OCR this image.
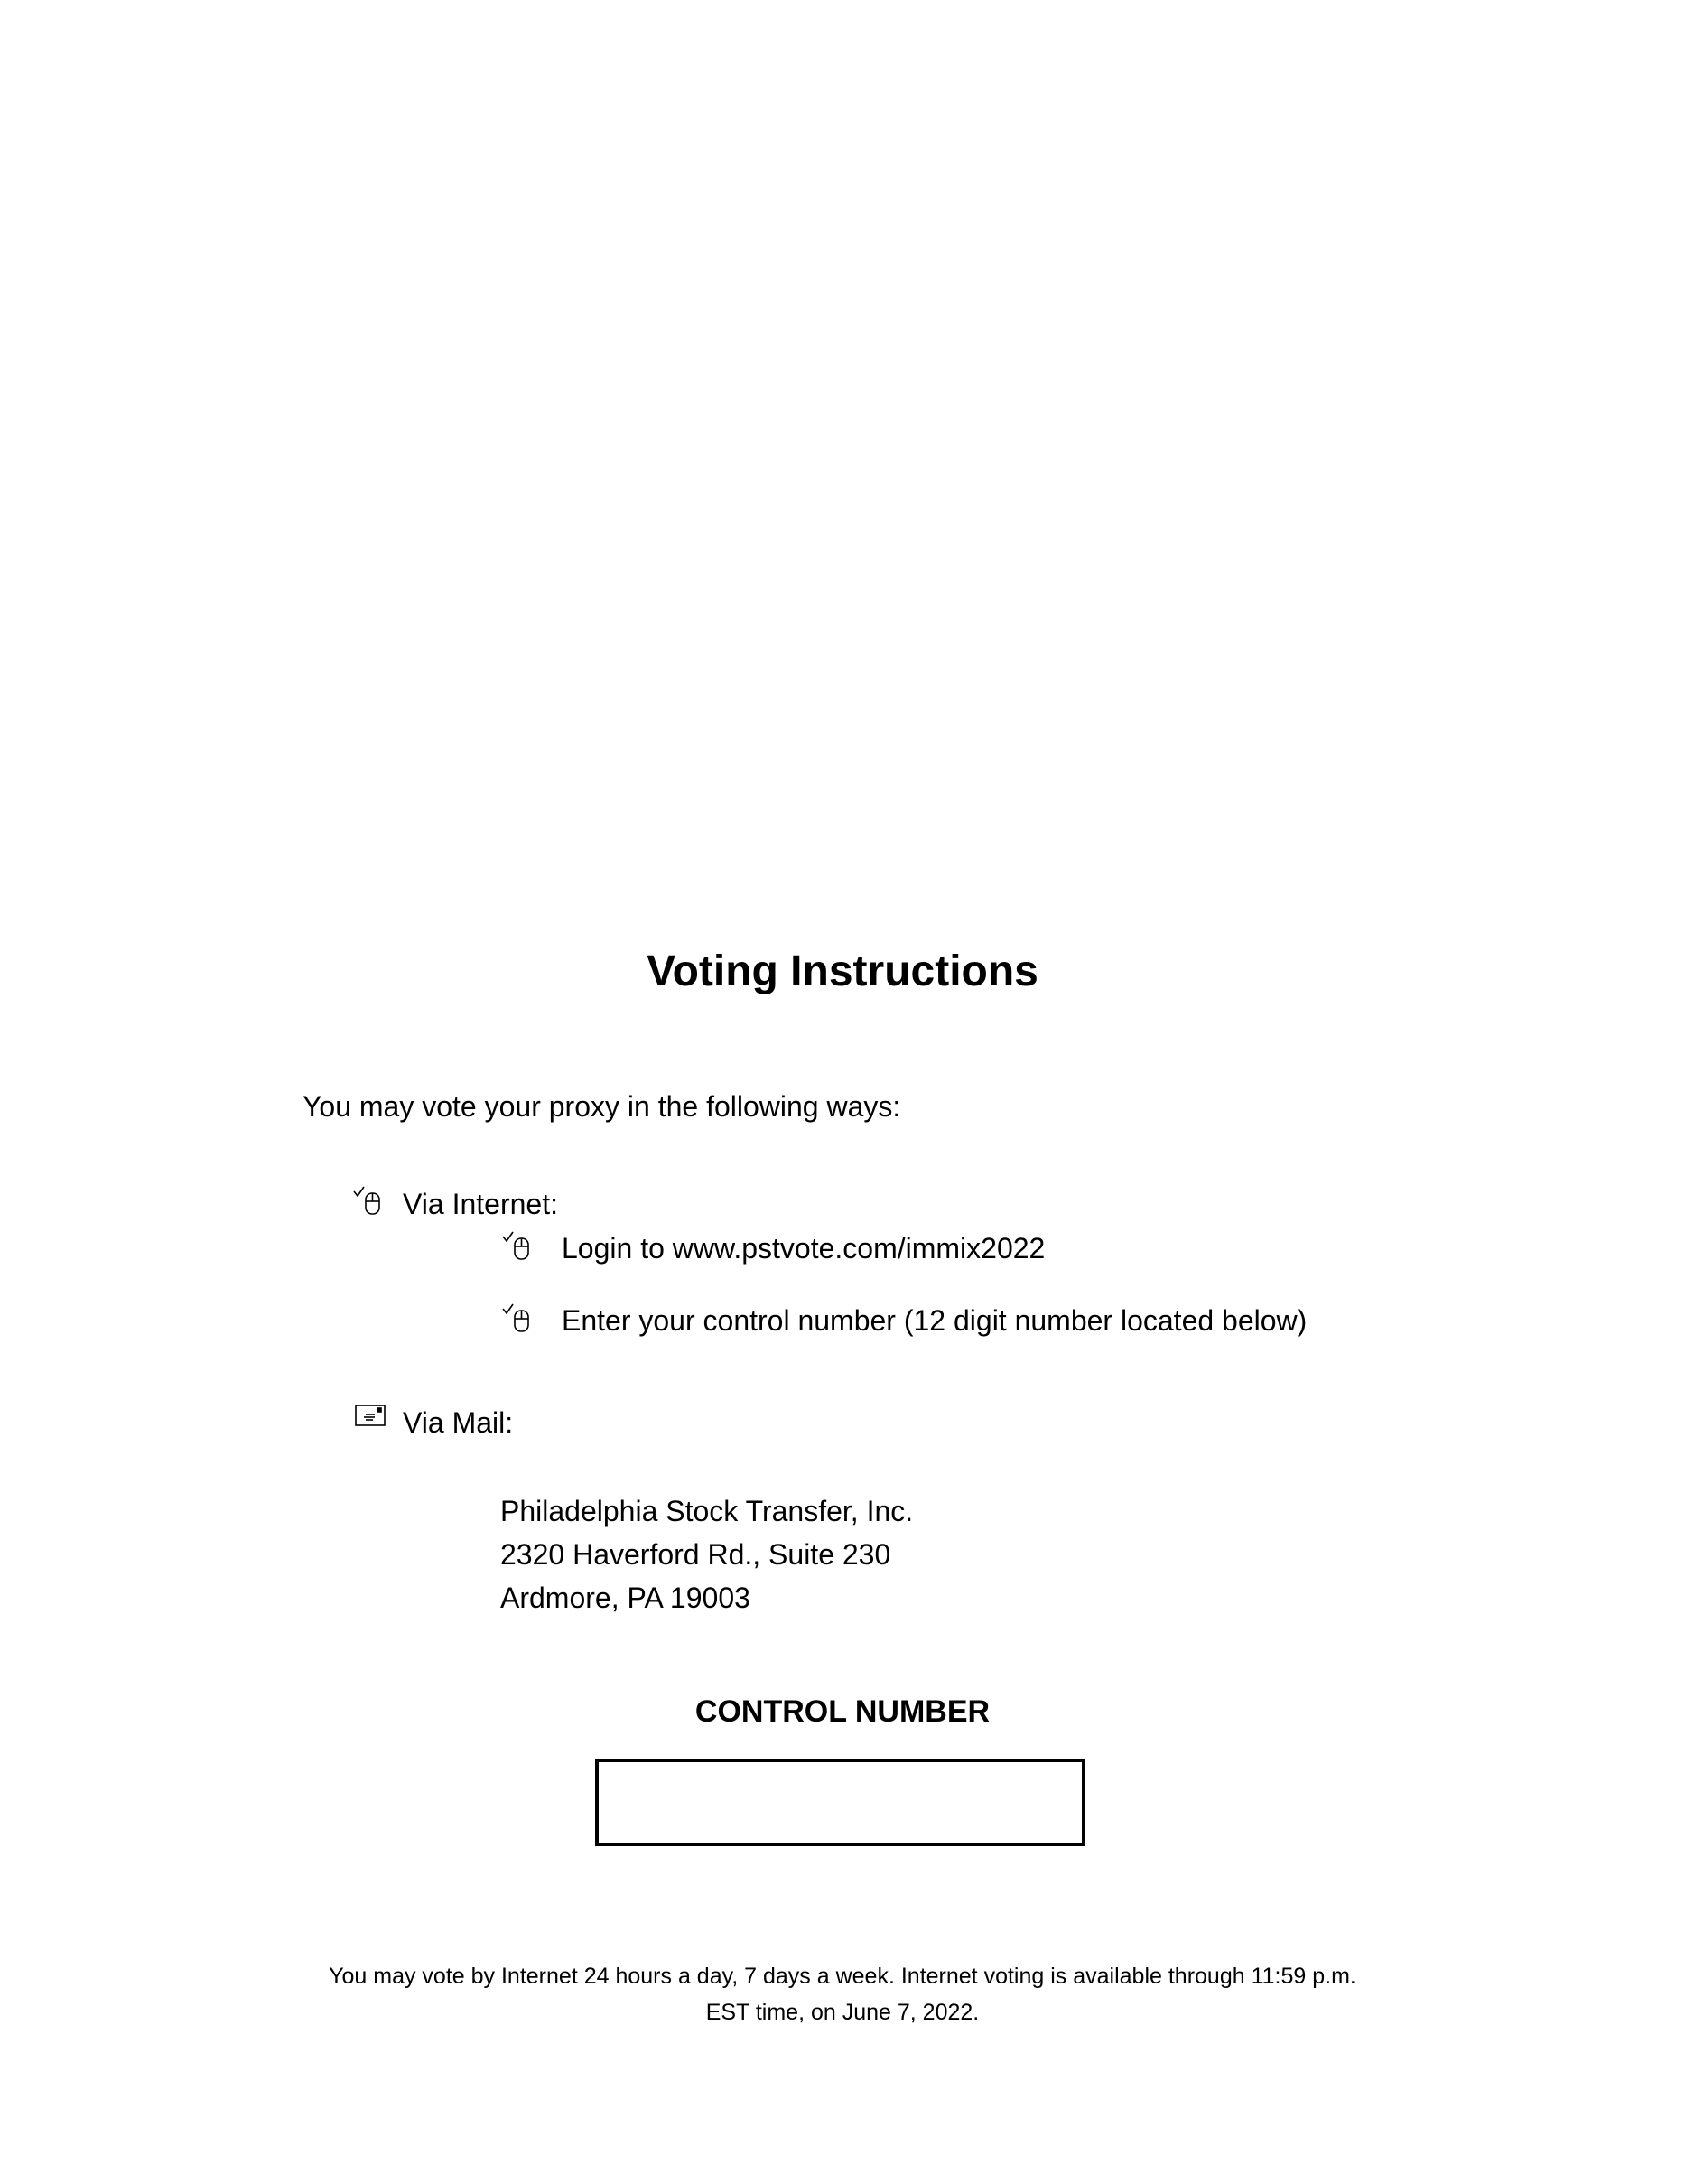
Voting Instructions
You may vote your proxy in the following ways:
Via Internet:
Login to www.pstvote.com/immix2022
Enter your control number (12 digit number located below)
Via Mail:
Philadelphia Stock Transfer, Inc.
2320 Haverford Rd., Suite 230
Ardmore, PA 19003
CONTROL NUMBER
You may vote by Internet 24 hours a day, 7 days a week. Internet voting is available through 11:59 p.m.
EST time, on June 7, 2022.
